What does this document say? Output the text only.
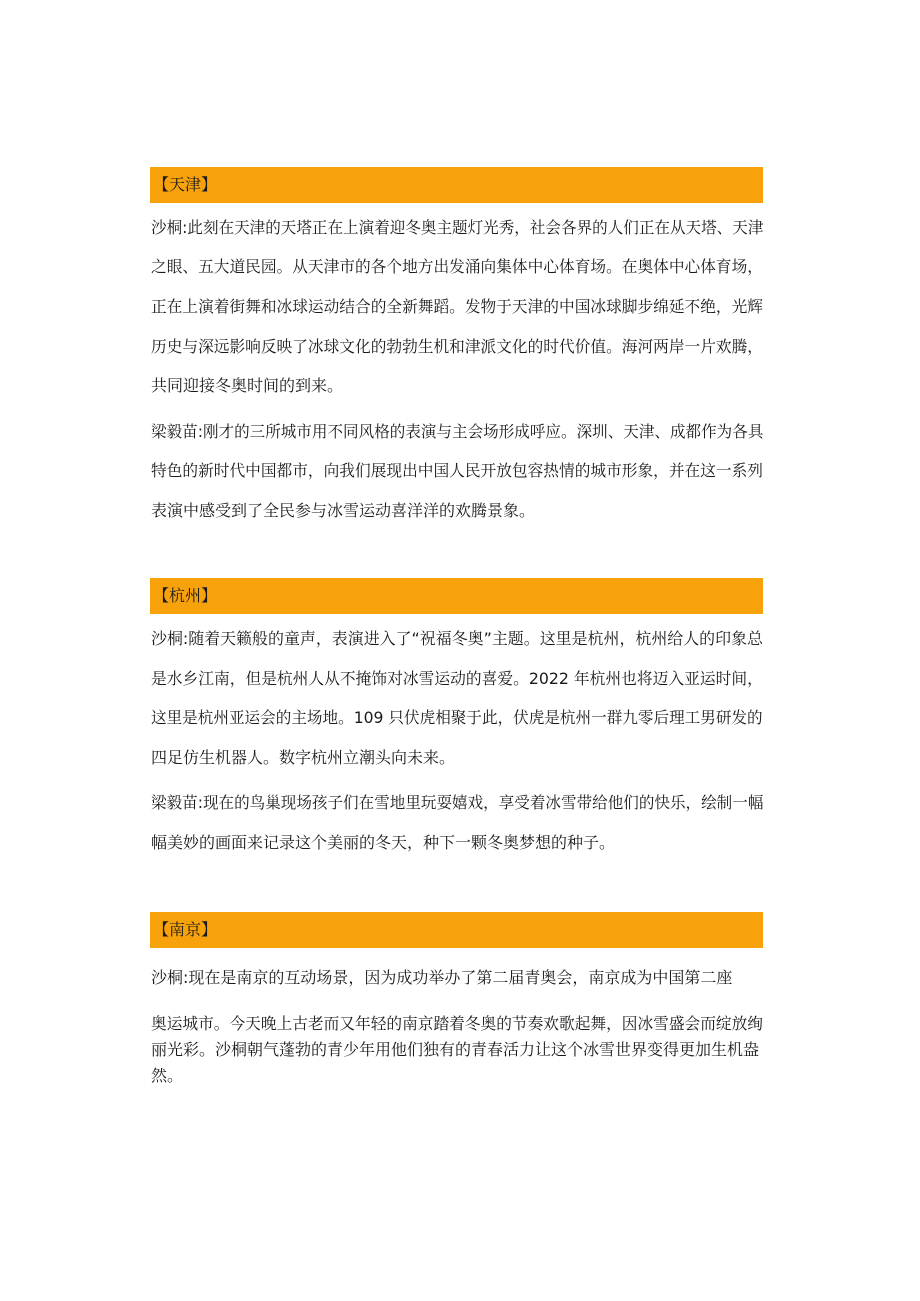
【天津】
沙桐:此刻在天津的天塔正在上演着迎冬奥主题灯光秀，社会各界的人们正在从天塔、天津
之眼、五大道民园。从天津市的各个地方出发涌向集体中心体育场。在奥体中心体育场，
正在上演着街舞和冰球运动结合的全新舞蹈。发物于天津的中国冰球脚步绵延不绝，光辉
历史与深远影响反映了冰球文化的勃勃生机和津派文化的时代价值。海河两岸一片欢腾，
共同迎接冬奥时间的到来。
梁毅苗:刚才的三所城市用不同风格的表演与主会场形成呼应。深圳、天津、成都作为各具
特色的新时代中国都市，向我们展现出中国人民开放包容热情的城市形象，并在这一系列
表演中感受到了全民参与冰雪运动喜洋洋的欢腾景象。
【杭州】
沙桐:随着天籁般的童声，表演进入了“祝福冬奥”主题。这里是杭州，杭州给人的印象总
是水乡江南，但是杭州人从不掩饰对冰雪运动的喜爱。2022 年杭州也将迈入亚运时间，
这里是杭州亚运会的主场地。109 只伏虎相聚于此，伏虎是杭州一群九零后理工男研发的
四足仿生机器人。数字杭州立潮头向未来。
梁毅苗:现在的鸟巢现场孩子们在雪地里玩耍嬉戏，享受着冰雪带给他们的快乐，绘制一幅
幅美妙的画面来记录这个美丽的冬天，种下一颗冬奥梦想的种子。
【南京】
沙桐:现在是南京的互动场景，因为成功举办了第二届青奥会，南京成为中国第二座
奥运城市。今天晚上古老而又年轻的南京踏着冬奥的节奏欢歌起舞，因冰雪盛会而绽放绚
丽光彩。沙桐朝气蓬勃的青少年用他们独有的青春活力让这个冰雪世界变得更加生机盎
然。
